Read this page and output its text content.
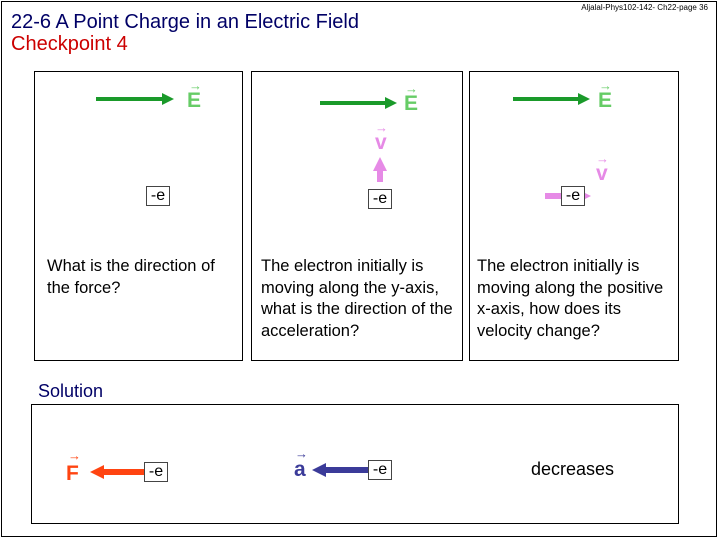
22-6 A Point Charge in an Electric Field
Checkpoint 4
Aljalal-Phys102-142- Ch22-page 36
Solution
→
E
-e
What is the direction of the force?
→
E
→
v
-e
The electron initially is moving along the y-axis, what is the direction of the acceleration?
→
E
→
v
-e
The electron initially is moving along the positive x-axis, how does its velocity change?
→
F	-e
→
a	-e	decreases
